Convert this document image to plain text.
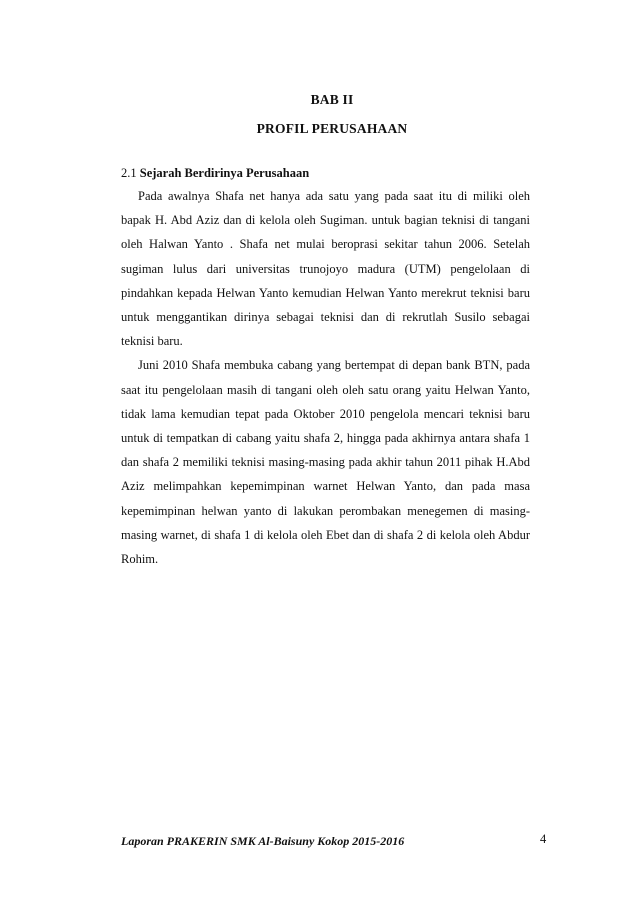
BAB II
PROFIL PERUSAHAAN
2.1 Sejarah Berdirinya Perusahaan

Pada awalnya Shafa net hanya ada satu yang pada saat itu di miliki oleh bapak H. Abd Aziz dan di kelola oleh Sugiman. untuk bagian teknisi di tangani oleh Halwan Yanto . Shafa net mulai beroprasi sekitar tahun 2006. Setelah sugiman lulus dari universitas trunojoyo madura (UTM) pengelolaan di pindahkan kepada Helwan Yanto kemudian Helwan Yanto merekrut teknisi baru untuk menggantikan dirinya sebagai teknisi dan di rekrutlah Susilo sebagai teknisi baru.

Juni 2010 Shafa membuka cabang yang bertempat di depan bank BTN, pada saat itu pengelolaan masih di tangani oleh oleh satu orang yaitu Helwan Yanto, tidak lama kemudian tepat pada Oktober 2010 pengelola mencari teknisi baru untuk di tempatkan di cabang yaitu shafa 2, hingga pada akhirnya antara shafa 1 dan shafa 2 memiliki teknisi masing-masing pada akhir tahun 2011 pihak H.Abd Aziz melimpahkan kepemimpinan warnet Helwan Yanto, dan pada masa kepemimpinan helwan yanto di lakukan perombakan menegemen di masing-masing warnet, di shafa 1 di kelola oleh Ebet dan di shafa 2 di kelola oleh Abdur Rohim.

Laporan PRAKERIN SMK Al-Baisuny Kokop 2015-2016	4
